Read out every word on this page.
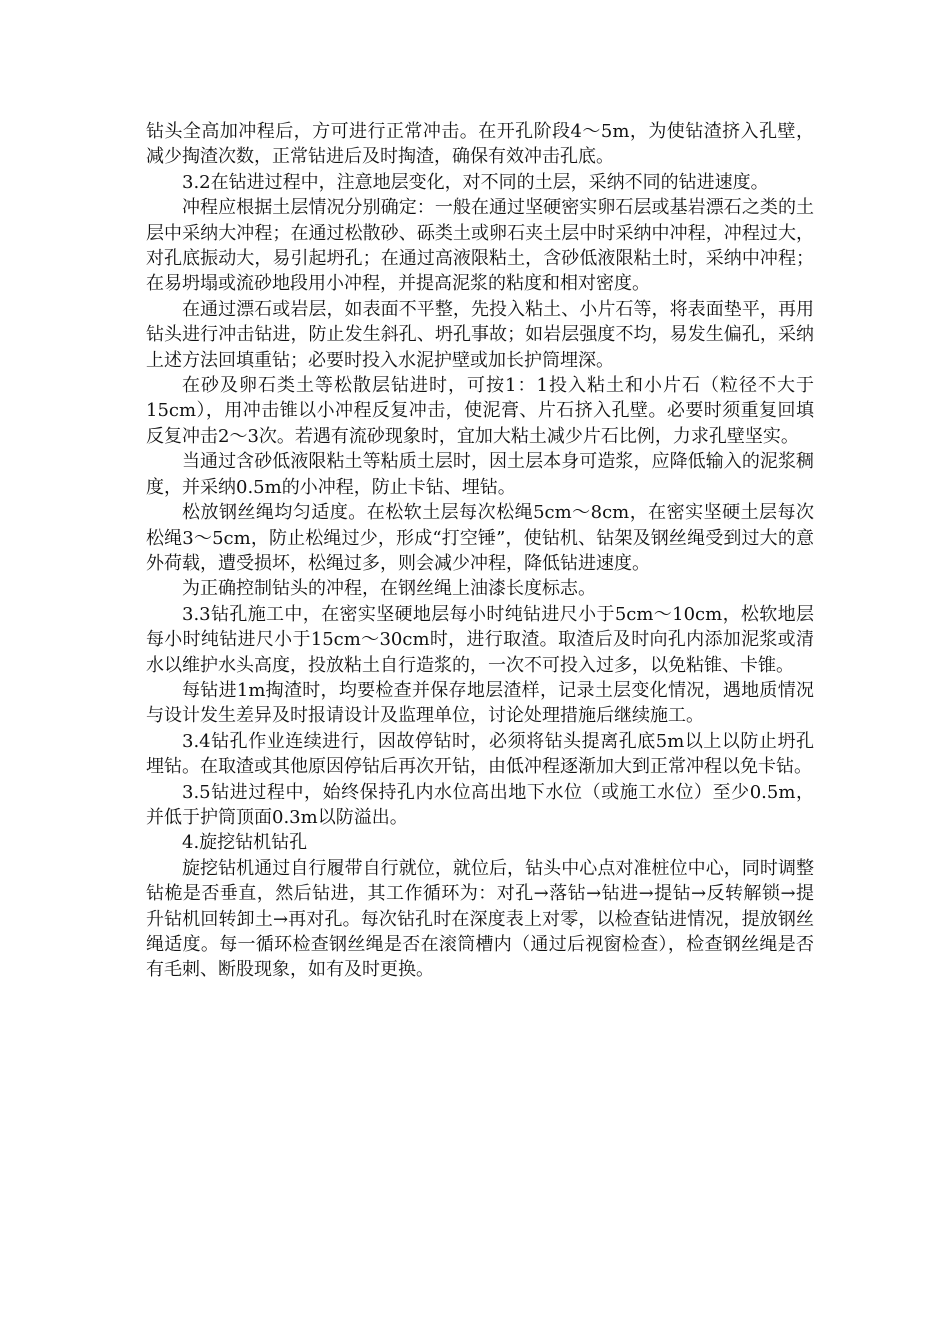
钻头全高加冲程后，方可进行正常冲击。在开孔阶段4～5m，为使钻渣挤入孔壁，减少掏渣次数，正常钻进后及时掏渣，确保有效冲击孔底。

3.2在钻进过程中，注意地层变化，对不同的土层，采纳不同的钻进速度。

冲程应根据土层情况分别确定：一般在通过坚硬密实卵石层或基岩漂石之类的土层中采纳大冲程；在通过松散砂、砾类土或卵石夹土层中时采纳中冲程，冲程过大，对孔底振动大，易引起坍孔；在通过高液限粘土，含砂低液限粘土时，采纳中冲程；在易坍塌或流砂地段用小冲程，并提高泥浆的粘度和相对密度。

在通过漂石或岩层，如表面不平整，先投入粘土、小片石等，将表面垫平，再用钻头进行冲击钻进，防止发生斜孔、坍孔事故；如岩层强度不均，易发生偏孔，采纳上述方法回填重钻；必要时投入水泥护壁或加长护筒埋深。

在砂及卵石类土等松散层钻进时，可按1：1投入粘土和小片石（粒径不大于15cm），用冲击锥以小冲程反复冲击，使泥膏、片石挤入孔壁。必要时须重复回填反复冲击2～3次。若遇有流砂现象时，宜加大粘土减少片石比例，力求孔壁坚实。

当通过含砂低液限粘土等粘质土层时，因土层本身可造浆，应降低输入的泥浆稠度，并采纳0.5m的小冲程，防止卡钻、埋钻。

松放钢丝绳均匀适度。在松软土层每次松绳5cm～8cm，在密实坚硬土层每次松绳3～5cm，防止松绳过少，形成“打空锤”，使钻机、钻架及钢丝绳受到过大的意外荷载，遭受损坏，松绳过多，则会减少冲程，降低钻进速度。

为正确控制钻头的冲程，在钢丝绳上油漆长度标志。

3.3钻孔施工中，在密实坚硬地层每小时纯钻进尺小于5cm～10cm，松软地层每小时纯钻进尺小于15cm～30cm时，进行取渣。取渣后及时向孔内添加泥浆或清水以维护水头高度，投放粘土自行造浆的，一次不可投入过多，以免粘锥、卡锥。

每钻进1m掏渣时，均要检查并保存地层渣样，记录土层变化情况，遇地质情况与设计发生差异及时报请设计及监理单位，讨论处理措施后继续施工。

3.4钻孔作业连续进行，因故停钻时，必须将钻头提离孔底5m以上以防止坍孔埋钻。在取渣或其他原因停钻后再次开钻，由低冲程逐渐加大到正常冲程以免卡钻。

3.5钻进过程中，始终保持孔内水位高出地下水位（或施工水位）至少0.5m，并低于护筒顶面0.3m以防溢出。

4.旋挖钻机钻孔

旋挖钻机通过自行履带自行就位，就位后，钻头中心点对准桩位中心，同时调整钻桅是否垂直，然后钻进，其工作循环为：对孔→落钻→钻进→提钻→反转解锁→提升钻机回转卸土→再对孔。每次钻孔时在深度表上对零，以检查钻进情况，提放钢丝绳适度。每一循环检查钢丝绳是否在滚筒槽内（通过后视窗检查），检查钢丝绳是否有毛刺、断股现象，如有及时更换。
